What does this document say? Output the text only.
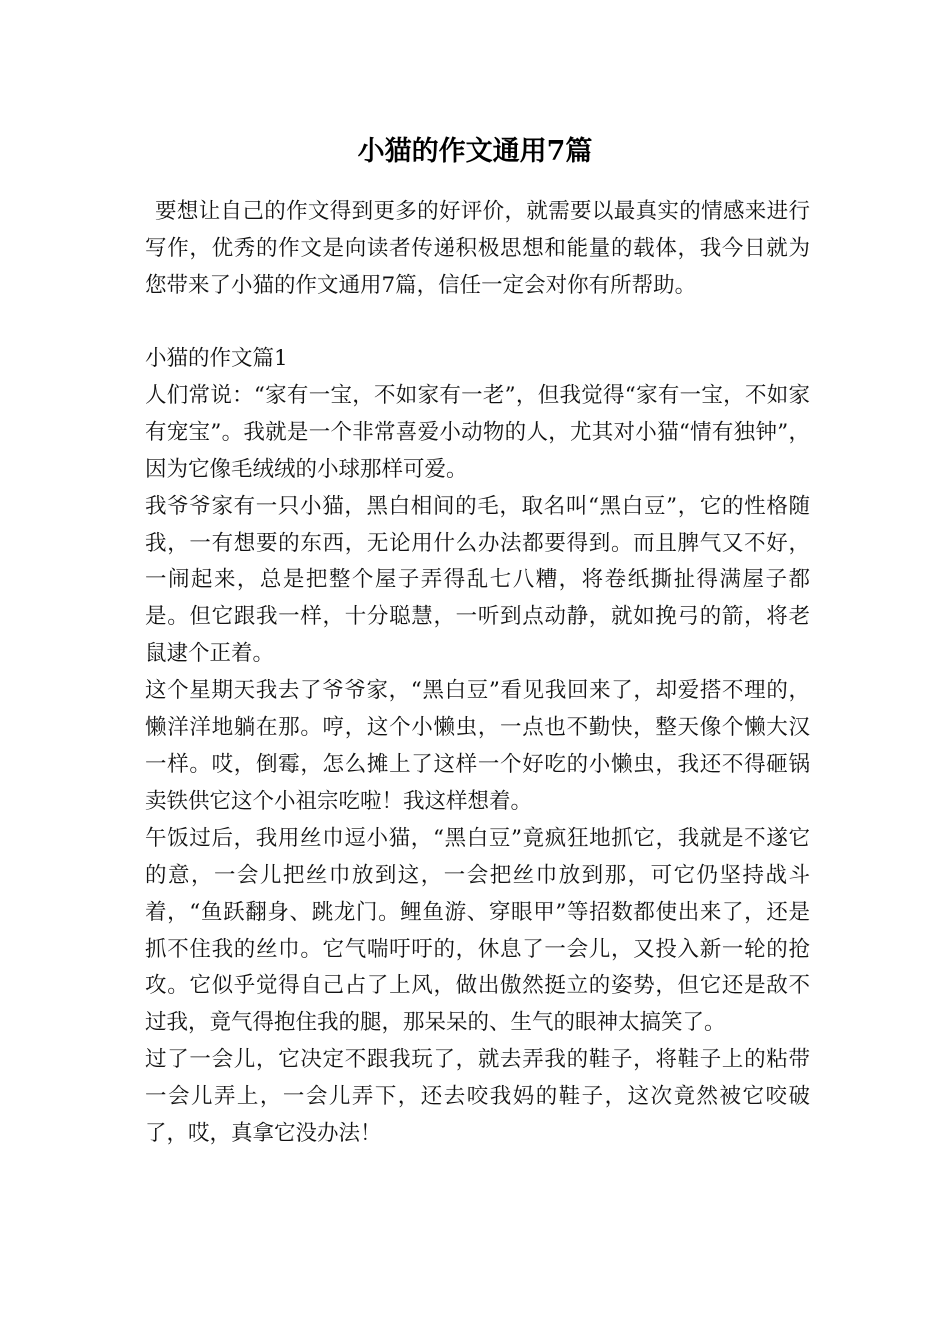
小猫的作文通用7篇

要想让自己的作文得到更多的好评价，就需要以最真实的情感来进行写作，优秀的作文是向读者传递积极思想和能量的载体，我今日就为您带来了小猫的作文通用7篇，信任一定会对你有所帮助。

小猫的作文篇1

人们常说：“家有一宝，不如家有一老”，但我觉得“家有一宝，不如家有宠宝”。我就是一个非常喜爱小动物的人，尤其对小猫“情有独钟”，因为它像毛绒绒的小球那样可爱。

我爷爷家有一只小猫，黑白相间的毛，取名叫“黑白豆”，它的性格随我，一有想要的东西，无论用什么办法都要得到。而且脾气又不好，一闹起来，总是把整个屋子弄得乱七八糟，将卷纸撕扯得满屋子都是。但它跟我一样，十分聪慧，一听到点动静，就如挽弓的箭，将老鼠逮个正着。

这个星期天我去了爷爷家，“黑白豆”看见我回来了，却爱搭不理的，懒洋洋地躺在那。哼，这个小懒虫，一点也不勤快，整天像个懒大汉一样。哎，倒霉，怎么摊上了这样一个好吃的小懒虫，我还不得砸锅卖铁供它这个小祖宗吃啦！我这样想着。

午饭过后，我用丝巾逗小猫，“黑白豆”竟疯狂地抓它，我就是不遂它的意，一会儿把丝巾放到这，一会把丝巾放到那，可它仍坚持战斗着，“鱼跃翻身、跳龙门。鲤鱼游、穿眼甲”等招数都使出来了，还是抓不住我的丝巾。它气喘吁吁的，休息了一会儿，又投入新一轮的抢攻。它似乎觉得自己占了上风，做出傲然挺立的姿势，但它还是敌不过我，竟气得抱住我的腿，那呆呆的、生气的眼神太搞笑了。

过了一会儿，它决定不跟我玩了，就去弄我的鞋子，将鞋子上的粘带一会儿弄上，一会儿弄下，还去咬我妈的鞋子，这次竟然被它咬破了，哎，真拿它没办法！
